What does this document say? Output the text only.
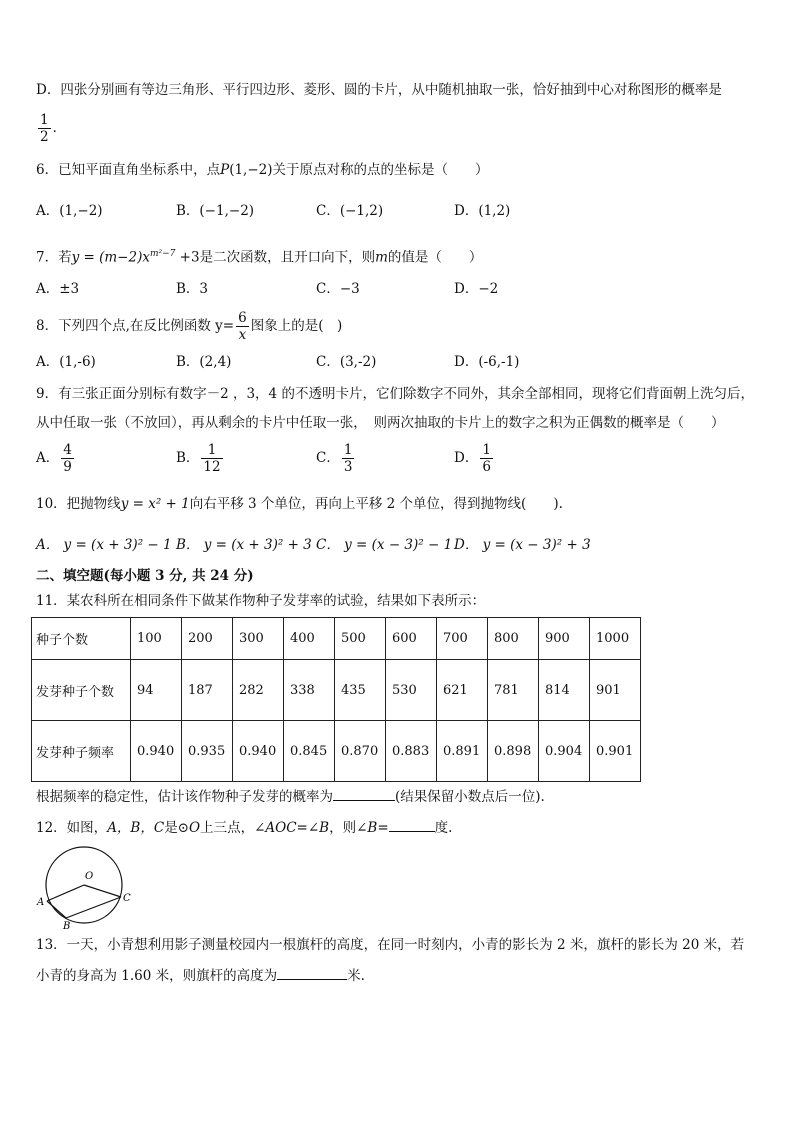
D．四张分别画有等边三角形、平行四边形、菱形、圆的卡片，从中随机抽取一张，恰好抽到中心对称图形的概率是
$\frac{1}{2}$ ．
6．已知平面直角坐标系中，点P(1,−2)关于原点对称的点的坐标是（　　）
A．(1,−2)	B．(−1,−2)	C．(−1,2)	D．(1,2)
7．若$y = (m-2)x^{m^2-7} +3$是二次函数，且开口向下，则m的值是（　　）
A．±3	B．3	C．−3	D．−2
8．下列四个点,在反比例函数 $y= \frac{6}{x}$ 图象上的是(　)
A．(1,-6)	B．(2,4)	C．(3,-2)	D．(-6,-1)
9．有三张正面分别标有数字－2 ，3，4 的不透明卡片，它们除数字不同外，其余全部相同，现将它们背面朝上洗匀后，
从中任取一张（不放回），再从剩余的卡片中任取一张，　则两次抽取的卡片上的数字之积为正偶数的概率是（　　）
A． $\frac{4}{9}$	B． $\frac{1}{12}$	C． $\frac{1}{3}$	D． $\frac{1}{6}$
10．把抛物线y = x² + 1向右平移 3 个单位，再向上平移 2 个单位，得到抛物线(　　).
A． y = (x + 3)² − 1 B． y = (x + 3)² + 3 C． y = (x − 3)² − 1 D． y = (x − 3)² + 3
二、填空题(每小题 3 分, 共 24 分)
11．某农科所在相同条件下做某作物种子发芽率的试验，结果如下表所示：
种子个数	100	200	300	400	500	600	700	800	900	1000
发芽种子个数	94	187	282	338	435	530	621	781	814	901
发芽种子频率	0.940	0.935	0.940	0.845	0.870	0.883	0.891	0.898	0.904	0.901
根据频率的稳定性，估计该作物种子发芽的概率为	(结果保留小数点后一位).
12．如图，A，B，C是⊙O上三点，∠AOC=∠B，则∠B=	度.
O
A
B
C
13．一天，小青想利用影子测量校园内一根旗杆的高度，在同一时刻内，小青的影长为 2 米，旗杆的影长为 20 米，若
小青的身高为 1.60 米，则旗杆的高度为	米.
